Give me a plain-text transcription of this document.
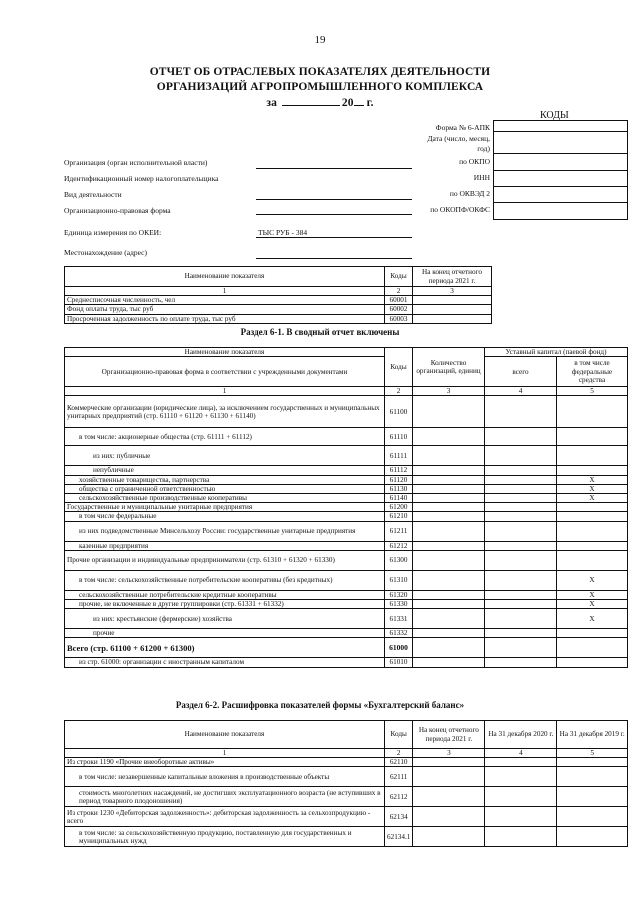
19
ОТЧЕТ ОБ ОТРАСЛЕВЫХ ПОКАЗАТЕЛЯХ ДЕЯТЕЛЬНОСТИ
ОРГАНИЗАЦИЙ АГРОПРОМЫШЛЕННОГО КОМПЛЕКСА
за	20 г.
КОДЫ
Форма № 6-АПК
Дата (число, месяц,
год)
по ОКПО
ИНН
по ОКВЭД 2
по ОКОПФ/ОКФС
Организация (орган исполнительной власти)
Идентификационный номер налогоплательщика
Вид деятельности
Организационно-правовая форма
Единица измерения по ОКЕИ:	ТЫС РУБ - 384
Местонахождение (адрес)
Наименование показателя	Коды	На конец отчетного периода 2021 г.
1	2	3
Среднесписочная численность, чел	60001	
Фонд оплаты труда, тыс руб	60002	
Просроченная задолженность по оплате труда, тыс руб	60003	
Раздел 6-1. В сводный отчет включены
Наименование показателя	Коды	Количество организаций, единиц	Уставный капитал (паевой фонд)	
Организационно-правовая форма в соответствии с учрежденными документами			всего	в том числе федеральные средства
1	2	3	4	5
Коммерческие организации (юридические лица), за исключением государственных и муниципальных унитарных предприятий (стр. 61110 + 61120 + 61130 + 61140)	61100			
в том числе: акционерные общества (стр. 61111 + 61112)	61110			
из них: публичные	61111			
непубличные	61112			
хозяйственные товарищества, партнерства	61120			X
общества с ограниченной ответственностью	61130			X
сельскохозяйственные производственные кооперативы	61140			X
Государственные и муниципальные унитарные предприятия	61200			
в том числе федеральные	61210			
из них подведомственные Минсельхозу России: государственные унитарные предприятия	61211			
казенные предприятия	61212			
Прочие организации и индивидуальные предприниматели (стр. 61310 + 61320 + 61330)	61300			
в том числе: сельскохозяйственные потребительские кооперативы (без кредитных)	61310			X
сельскохозяйственные потребительские кредитные кооперативы	61320			X
прочие, не включенные в другие группировки (стр. 61331 + 61332)	61330			X
из них: крестьянские (фермерские) хозяйства	61331			X
прочие	61332			
Всего (стр. 61100 + 61200 + 61300)	61000			
из стр. 61000: организации с иностранным капиталом	61010			
Раздел 6-2. Расшифровка показателей формы «Бухгалтерский баланс»
Наименование показателя	Коды	На конец отчетного периода 2021 г.	На 31 декабря 2020 г.	На 31 декабря 2019 г.
1	2	3	4	5
Из строки 1190 «Прочие внеоборотные активы»	62110			
в том числе: незавершенные капитальные вложения в производственные объекты	62111			
стоимость многолетних насаждений, не достигших эксплуатационного возраста (не вступивших в период товарного плодоношения)	62112			
Из строки 1230 «Дебиторская задолженность»: дебиторская задолженность за сельхозпродукцию - всего	62134			
в том числе: за сельскохозяйственную продукцию, поставленную для государственных и муниципальных нужд	62134.1			
